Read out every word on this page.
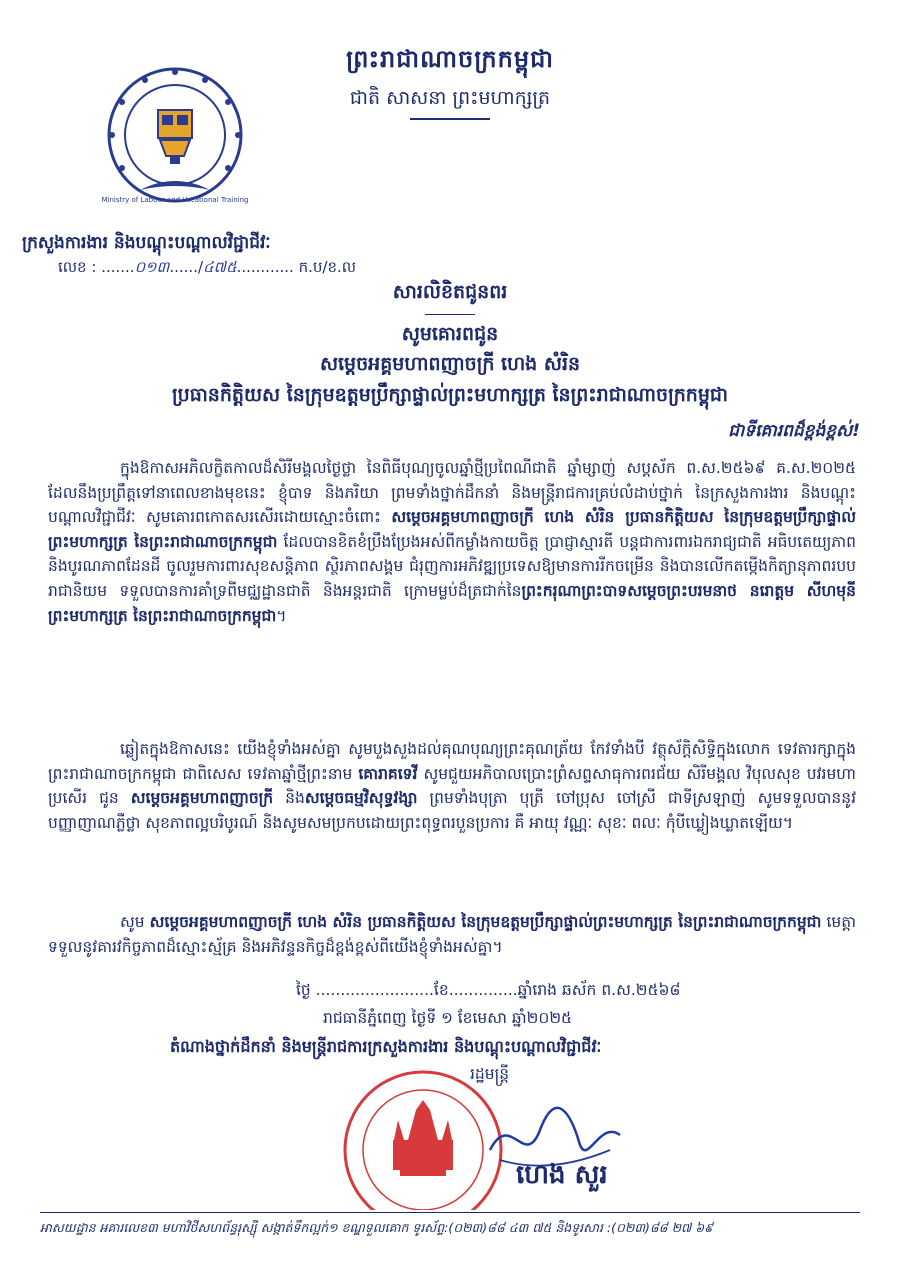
ព្រះរាជាណាចក្រកម្ពុជា
ជាតិ សាសនា ព្រះមហាក្សត្រ
Ministry of Labour and Vocational Training
ក្រសួងការងារ និងបណ្តុះបណ្តាលវិជ្ជាជីវៈ
លេខ : .......០១៣....../៤៧៥............ ក.ប/ខ.ល
សារលិខិតជូនពរ
សូមគោរពជូន
សម្តេចអគ្គមហាពញាចក្រី ហេង សំរិន
ប្រធានកិត្តិយស នៃក្រុមឧត្តមប្រឹក្សាផ្ទាល់ព្រះមហាក្សត្រ នៃព្រះរាជាណាចក្រកម្ពុជា
ជាទីគោរពដ៏ខ្ពង់ខ្ពស់!
ក្នុងឱកាសអភិលក្ខិតកាលដ៏សិរីមង្គលថ្ងៃថ្លា នៃពិធីបុណ្យចូលឆ្នាំថ្មីប្រពៃណីជាតិ ឆ្នាំម្សាញ់ សប្តស័ក ព.ស.២៥៦៩ គ.ស.២០២៥ ដែលនឹងប្រព្រឹត្តទៅនាពេលខាងមុខនេះ ខ្ញុំបាទ និងភរិយា ព្រមទាំងថ្នាក់ដឹកនាំ និងមន្ត្រីរាជការគ្រប់លំដាប់ថ្នាក់ នៃក្រសួងការងារ និងបណ្តុះបណ្តាលវិជ្ជាជីវៈ សូមគោរពកោតសរសើរដោយស្មោះចំពោះ សម្តេចអគ្គមហាពញាចក្រី ហេង សំរិន ប្រធានកិត្តិយស នៃក្រុមឧត្តមប្រឹក្សាផ្ទាល់ព្រះមហាក្សត្រ នៃព្រះរាជាណាចក្រកម្ពុជា ដែលបានខិតខំប្រឹងប្រែងអស់ពីកម្លាំងកាយចិត្ត ប្រាជ្ញាស្មារតី បន្តជាការពារឯករាជ្យជាតិ អធិបតេយ្យភាព និងបូរណភាពដែនដី ចូលរួមការពារសុខសន្តិភាព ស្ថិរភាពសង្គម ជំរុញការអភិវឌ្ឍប្រទេសឱ្យមានការរីកចម្រើន និងបានលើកតម្កើងកិត្យានុភាពរបបរាជានិយម ទទួលបានការគាំទ្រពីមជ្ឈដ្ឋានជាតិ និងអន្តរជាតិ ក្រោមម្លប់ដ៏ត្រជាក់នៃព្រះករុណាព្រះបាទសម្តេចព្រះបរមនាថ នរោត្តម សីហមុនី ព្រះមហាក្សត្រ នៃព្រះរាជាណាចក្រកម្ពុជា។
ឆ្លៀតក្នុងឱកាសនេះ យើងខ្ញុំទាំងអស់គ្នា សូមបួងសួងដល់គុណបុណ្យព្រះគុណត្រ័យ កែវទាំងបី វត្ថុស័ក្តិសិទ្ធិក្នុងលោក ទេវតារក្សាក្នុងព្រះរាជាណាចក្រកម្ពុជា ជាពិសេស ទេវតាឆ្នាំថ្មីព្រះនាម គោរាគទេវី សូមជួយអភិបាលប្រោះព្រំសព្ទសាធុការពរជ័យ សិរីមង្គល វិបុលសុខ បវរមហាប្រសើរ ជូន សម្តេចអគ្គមហាពញាចក្រី និងសម្តេចធម្មវិសុទ្ធវង្សា ព្រមទាំងបុត្រា បុត្រី ចៅប្រុស ចៅស្រី ជាទីស្រឡាញ់ សូមទទួលបាននូវបញ្ញាញាណភ្លឺថ្លា សុខភាពល្អបរិបូរណ៍ និងសូមសមប្រកបដោយព្រះពុទ្ធពរបួនប្រការ គឺ អាយុ វណ្ណៈ សុខៈ ពលៈ កុំបីឃ្លៀងឃ្លាតឡើយ។
សូម សម្តេចអគ្គមហាពញាចក្រី ហេង សំរិន ប្រធានកិត្តិយស នៃក្រុមឧត្តមប្រឹក្សាផ្ទាល់ព្រះមហាក្សត្រ នៃព្រះរាជាណាចក្រកម្ពុជា មេត្តាទទួលនូវគារវកិច្ចភាពដ៏ស្មោះស្ម័គ្រ និងអភិវន្ទនកិច្ចដ៏ខ្ពង់ខ្ពស់ពីយើងខ្ញុំទាំងអស់គ្នា។
ថ្ងៃ ........................ខែ..............ឆ្នាំរោង ឆស័ក ព.ស.២៥៦៨
រាជធានីភ្នំពេញ ថ្ងៃទី ១ ខែមេសា ឆ្នាំ២០២៥
តំណាងថ្នាក់ដឹកនាំ និងមន្ត្រីរាជការក្រសួងការងារ និងបណ្តុះបណ្តាលវិជ្ជាជីវៈ
រដ្ឋមន្ត្រី
ហេង សួរ
អាសយដ្ឋាន អគារលេខ៣ មហាវិថីសហព័ន្ធរុស្ស៊ី សង្កាត់ទឹកល្អក់១ ខណ្ឌទួលគោក ទូរស័ព្ទ:(០២៣)៨៨ ៤៣ ៧៥ និងទូរសារ :(០២៣)៨៨ ២៧ ៦៩
